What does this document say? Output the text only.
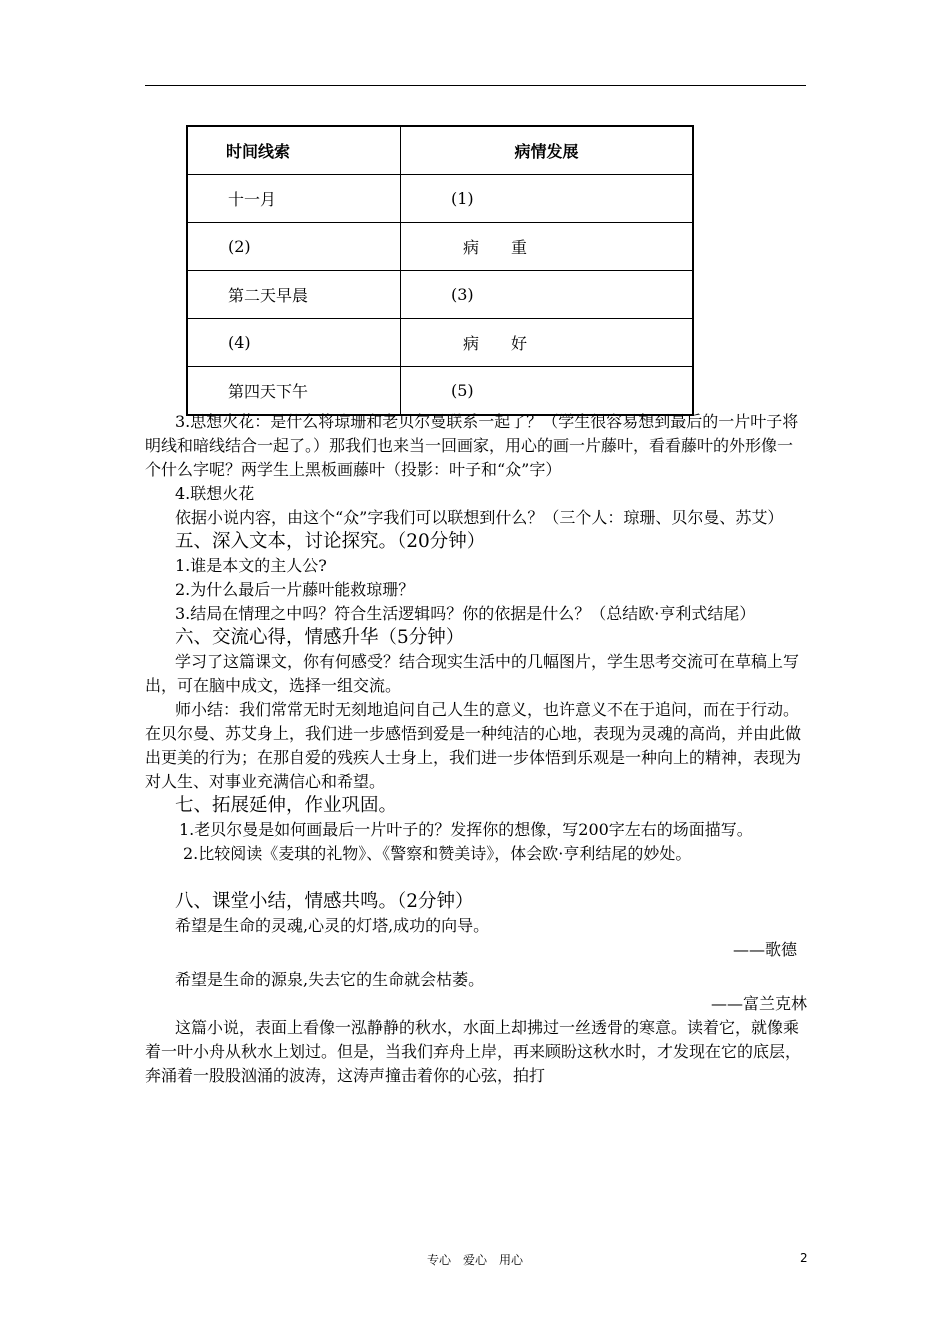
时间线索	病情发展
十一月	(1)
(2)	病　　重
第二天早晨	(3)
(4)	病　　好
第四天下午	(5)

3.思想火花：是什么将琼珊和老贝尔曼联系一起了？（学生很容易想到最后的一片叶子将明线和暗线结合一起了。）那我们也来当一回画家，用心的画一片藤叶，看看藤叶的外形像一个什么字呢？两学生上黑板画藤叶（投影：叶子和“众”字）

4.联想火花

依据小说内容，由这个“众”字我们可以联想到什么？（三个人：琼珊、贝尔曼、苏艾）

五、深入文本，讨论探究。（20分钟）

1.谁是本文的主人公?

2.为什么最后一片藤叶能救琼珊？

3.结局在情理之中吗？符合生活逻辑吗？你的依据是什么？（总结欧·亨利式结尾）

六、交流心得，情感升华（5分钟）

学习了这篇课文，你有何感受？结合现实生活中的几幅图片，学生思考交流可在草稿上写出，可在脑中成文，选择一组交流。

师小结：我们常常无时无刻地追问自己人生的意义，也许意义不在于追问，而在于行动。在贝尔曼、苏艾身上，我们进一步感悟到爱是一种纯洁的心地，表现为灵魂的高尚，并由此做出更美的行为；在那自爱的残疾人士身上，我们进一步体悟到乐观是一种向上的精神，表现为对人生、对事业充满信心和希望。

七、拓展延伸，作业巩固。

1.老贝尔曼是如何画最后一片叶子的？发挥你的想像，写200字左右的场面描写。

2.比较阅读《麦琪的礼物》、《警察和赞美诗》，体会欧·亨利结尾的妙处。

八、课堂小结，情感共鸣。（2分钟）

希望是生命的灵魂,心灵的灯塔,成功的向导。

——歌德

希望是生命的源泉,失去它的生命就会枯萎。

——富兰克林

这篇小说，表面上看像一泓静静的秋水，水面上却拂过一丝透骨的寒意。读着它，就像乘着一叶小舟从秋水上划过。但是，当我们弃舟上岸，再来顾盼这秋水时，才发现在它的底层，奔涌着一股股汹涌的波涛，这涛声撞击着你的心弦，拍打

专心　爱心　用心	2
